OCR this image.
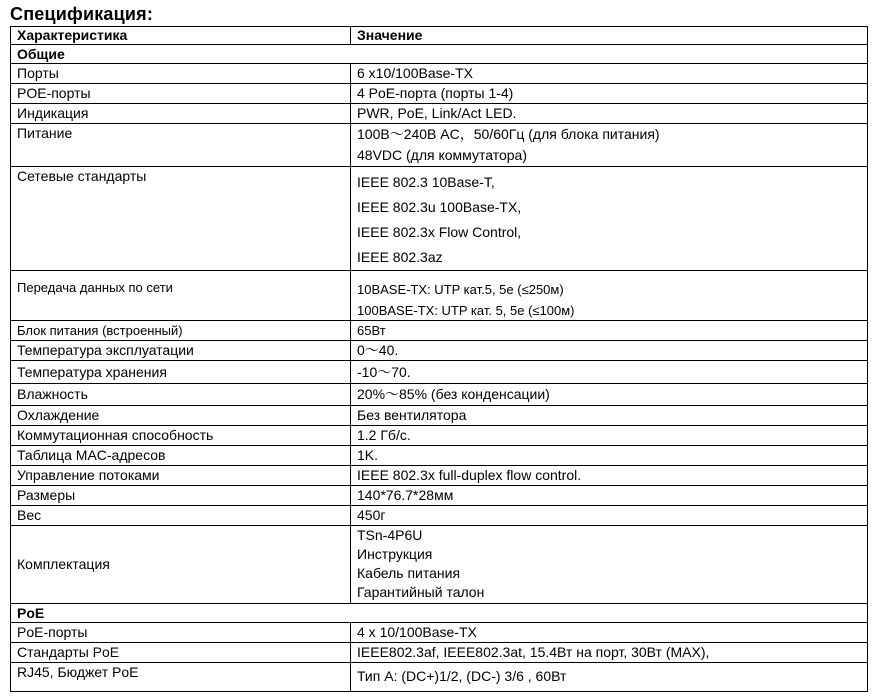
Спецификация:
Характеристика	Значение
Общие	
Порты	6 x10/100Base-TX
POE-порты	4 PoE-порта (порты 1-4)
Индикация	PWR, PoE, Link/Act LED.
Питание	100В～240В AC，50/60Гц (для блока питания)
48VDC (для коммутатора)

Сетевые стандарты	IEEE 802.3 10Base-T,
IEEE 802.3u 100Base-TX,
IEEE 802.3x Flow Control,
IEEE 802.3az

Передача данных по сети	10BASE-TX: UTP кат.5, 5е (≤250м)
100BASE-TX: UTP кат. 5, 5е (≤100м)

Блок питания (встроенный)	65Вт
Температура эксплуатации	0～40.
Температура хранения	-10～70.
Влажность	20%～85% (без конденсации)
Охлаждение	Без вентилятора
Коммутационная способность	1.2 Гб/с.
Таблица MAC-адресов	1K.
Управление потоками	IEEE 802.3x full-duplex flow control.
Размеры	140*76.7*28мм
Вес	450г
Комплектация	TSn-4P6U
Инструкция
Кабель питания
Гарантийный талон

PoE	
PoE-порты	4 x 10/100Base-TX
Стандарты PoE	IEEE802.3af, IEEE802.3at, 15.4Вт на порт, 30Вт (MAX),
RJ45, Бюджет PoE	Тип A: (DC+)1/2, (DC-) 3/6 , 60Вт
